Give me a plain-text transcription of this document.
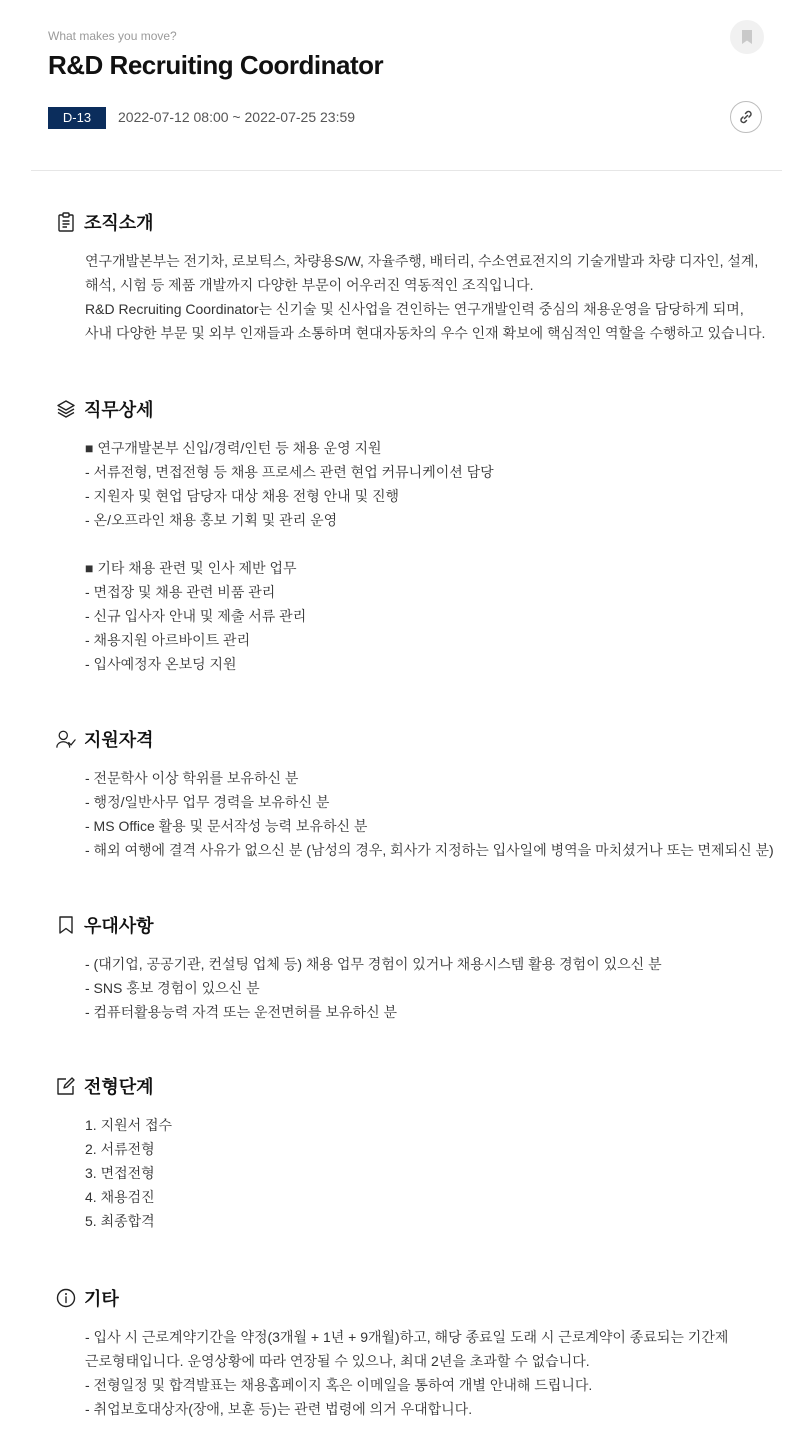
What makes you move?
R&D Recruiting Coordinator
D-13	2022-07-12 08:00 ~ 2022-07-25 23:59
조직소개
연구개발본부는 전기차, 로보틱스, 차량용S/W, 자율주행, 배터리, 수소연료전지의 기술개발과 차량 디자인, 설계,
해석, 시험 등 제품 개발까지 다양한 부문이 어우러진 역동적인 조직입니다.
R&D Recruiting Coordinator는 신기술 및 신사업을 견인하는 연구개발인력 중심의 채용운영을 담당하게 되며,
사내 다양한 부문 및 외부 인재들과 소통하며 현대자동차의 우수 인재 확보에 핵심적인 역할을 수행하고 있습니다.
직무상세
■ 연구개발본부 신입/경력/인턴 등 채용 운영 지원
- 서류전형, 면접전형 등 채용 프로세스 관련 현업 커뮤니케이션 담당
- 지원자 및 현업 담당자 대상 채용 전형 안내 및 진행
- 온/오프라인 채용 홍보 기획 및 관리 운영
■ 기타 채용 관련 및 인사 제반 업무
- 면접장 및 채용 관련 비품 관리
- 신규 입사자 안내 및 제출 서류 관리
- 채용지원 아르바이트 관리
- 입사예정자 온보딩 지원
지원자격
- 전문학사 이상 학위를 보유하신 분
- 행정/일반사무 업무 경력을 보유하신 분
- MS Office 활용 및 문서작성 능력 보유하신 분
- 해외 여행에 결격 사유가 없으신 분 (남성의 경우, 회사가 지정하는 입사일에 병역을 마치셨거나 또는 면제되신 분)
우대사항
- (대기업, 공공기관, 컨설팅 업체 등) 채용 업무 경험이 있거나 채용시스템 활용 경험이 있으신 분
- SNS 홍보 경험이 있으신 분
- 컴퓨터활용능력 자격 또는 운전면허를 보유하신 분
전형단계
1. 지원서 접수
2. 서류전형
3. 면접전형
4. 채용검진
5. 최종합격
기타
- 입사 시 근로계약기간을 약정(3개월 + 1년 + 9개월)하고, 해당 종료일 도래 시 근로계약이 종료되는 기간제
근로형태입니다. 운영상황에 따라 연장될 수 있으나, 최대 2년을 초과할 수 없습니다.
- 전형일정 및 합격발표는 채용홈페이지 혹은 이메일을 통하여 개별 안내해 드립니다.
- 취업보호대상자(장애, 보훈 등)는 관련 법령에 의거 우대합니다.
